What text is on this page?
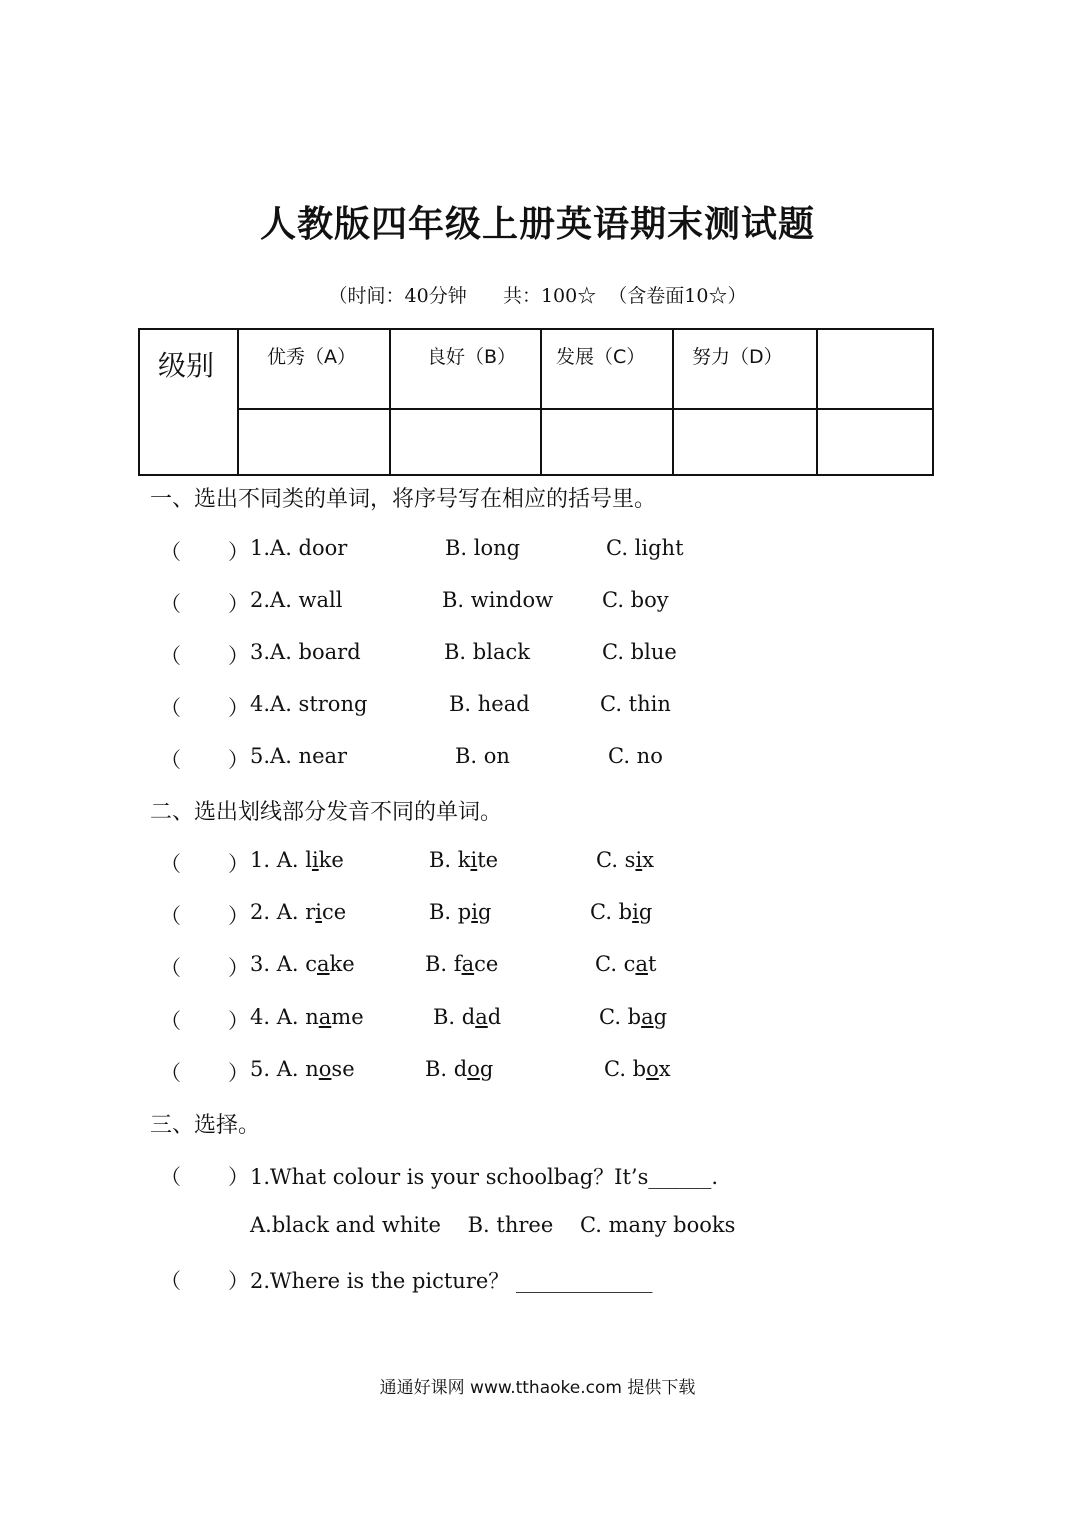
人教版四年级上册英语期末测试题
（时间：40分钟      共：100☆  （含卷面10☆）
级别	优秀（A）	良好（B）	发展（C）	努力（D）	

一、选出不同类的单词，将序号写在相应的括号里。
（ ） 1.A. door	B. long	C. light
（ ） 2.A. wall	B. window C. boy
（ ） 3.A. board	B. black	C. blue
（ ） 4.A. strong	B. head	C. thin
（ ） 5.A. near	B. on	C. no
二、选出划线部分发音不同的单词。
（ ） 1. A. like	B. kite	C. six
（ ） 2. A. rice	B. pig	C. big
（ ） 3. A. cake	B. face	C. cat
（ ） 4. A. name	B. dad	C. bag
（ ） 5. A. nose	B. dog	C. box
三、选择。
（ ） 1.What colour is your schoolbag？It’s______.
A.black and white    B. three    C. many books
（ ） 2.Where is the picture？ _____________
通通好课网 www.tthaoke.com 提供下载
